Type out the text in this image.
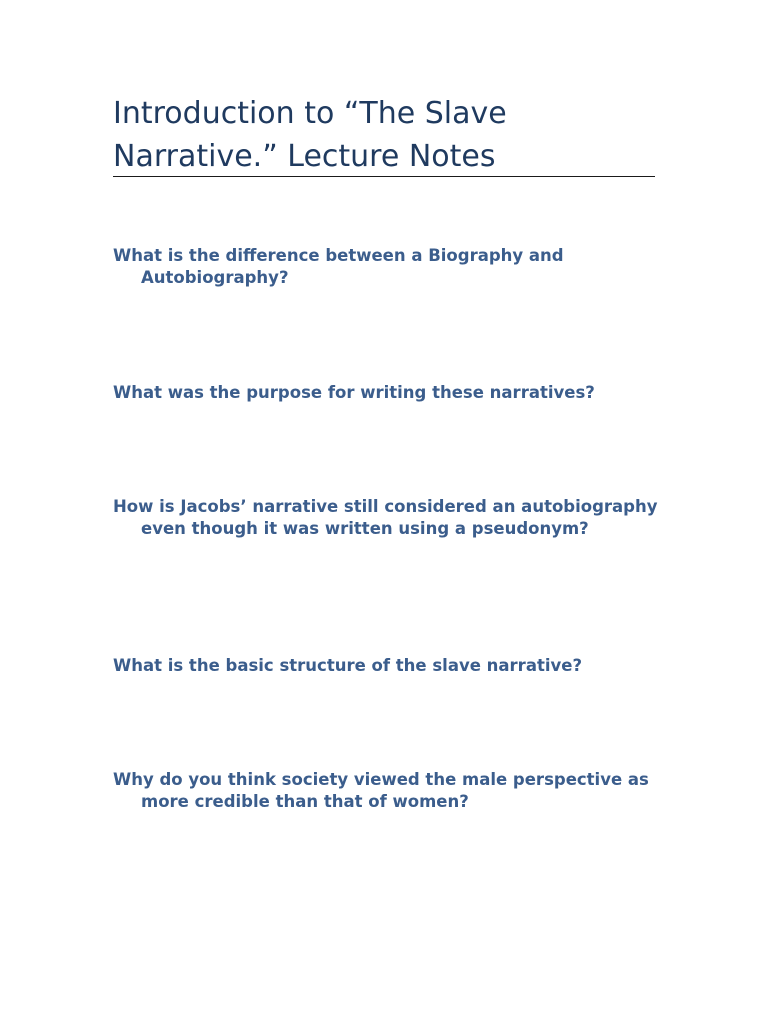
Introduction to “The Slave Narrative.” Lecture Notes

What is the difference between a Biography and Autobiography?

What was the purpose for writing these narratives?

How is Jacobs’ narrative still considered an autobiography even though it was written using a pseudonym?

What is the basic structure of the slave narrative?

Why do you think society viewed the male perspective as more credible than that of women?
